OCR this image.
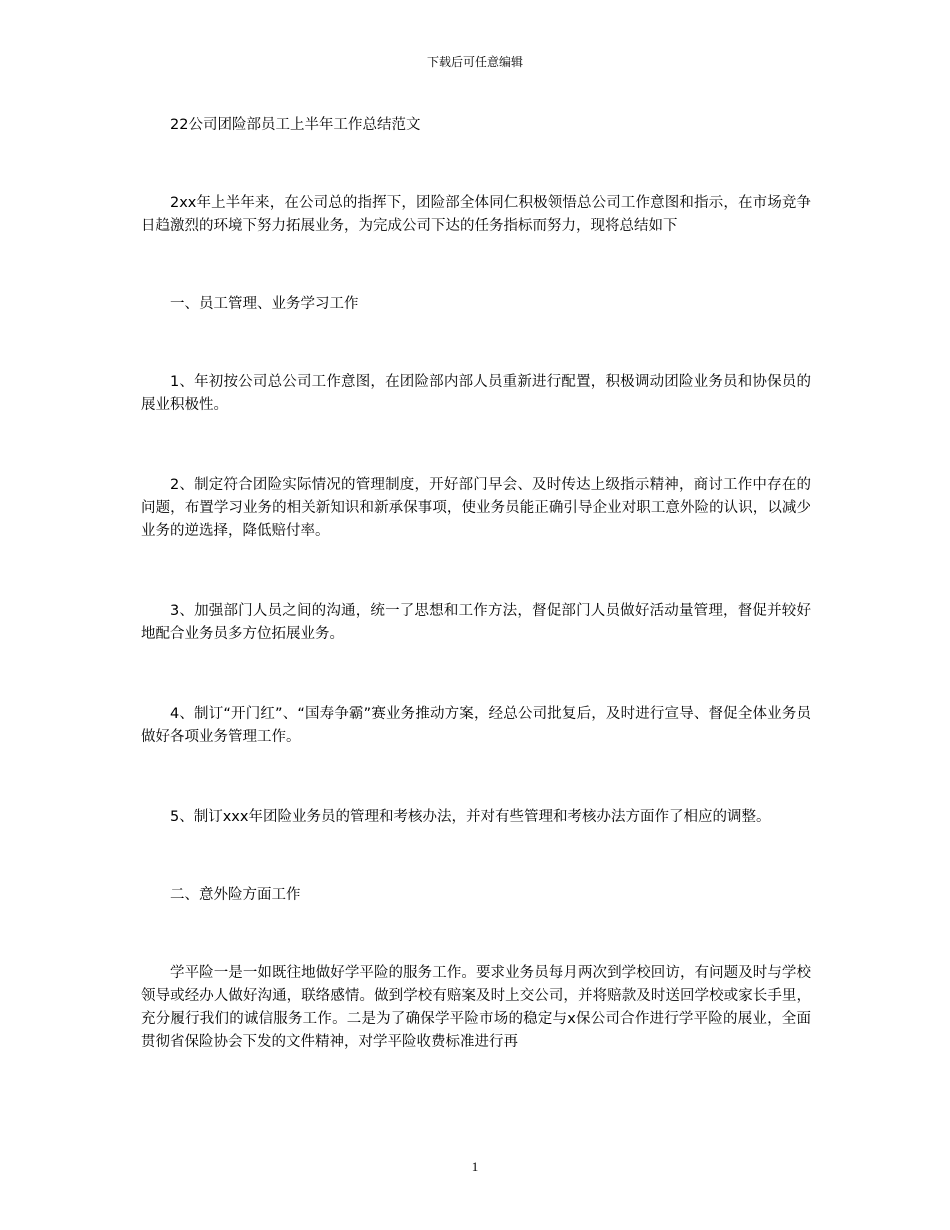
下载后可任意编辑

22公司团险部员工上半年工作总结范文

2xx年上半年来，在公司总的指挥下，团险部全体同仁积极领悟总公司工作意图和指示，在市场竞争日趋激烈的环境下努力拓展业务，为完成公司下达的任务指标而努力，现将总结如下

一、员工管理、业务学习工作

1、年初按公司总公司工作意图，在团险部内部人员重新进行配置，积极调动团险业务员和协保员的展业积极性。

2、制定符合团险实际情况的管理制度，开好部门早会、及时传达上级指示精神，商讨工作中存在的问题，布置学习业务的相关新知识和新承保事项，使业务员能正确引导企业对职工意外险的认识，以减少业务的逆选择，降低赔付率。

3、加强部门人员之间的沟通，统一了思想和工作方法，督促部门人员做好活动量管理，督促并较好地配合业务员多方位拓展业务。

4、制订“开门红”、“国寿争霸”赛业务推动方案，经总公司批复后，及时进行宣导、督促全体业务员做好各项业务管理工作。

5、制订xxx年团险业务员的管理和考核办法，并对有些管理和考核办法方面作了相应的调整。

二、意外险方面工作

学平险一是一如既往地做好学平险的服务工作。要求业务员每月两次到学校回访，有问题及时与学校领导或经办人做好沟通，联络感情。做到学校有赔案及时上交公司，并将赔款及时送回学校或家长手里，充分履行我们的诚信服务工作。二是为了确保学平险市场的稳定与x保公司合作进行学平险的展业，全面贯彻省保险协会下发的文件精神，对学平险收费标准进行再

1
